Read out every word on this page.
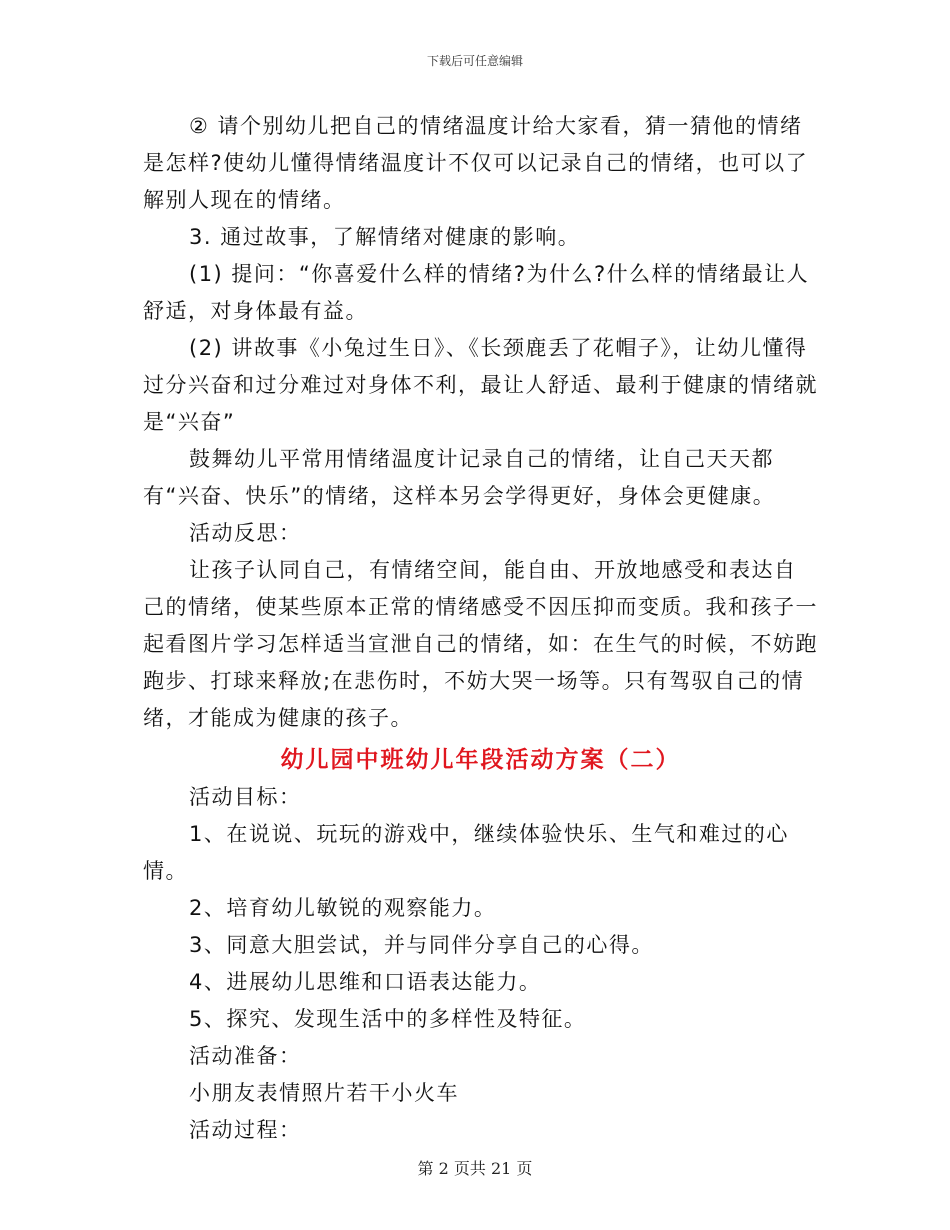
下载后可任意编辑

② 请个别幼儿把自己的情绪温度计给大家看，猜一猜他的情绪是怎样?使幼儿懂得情绪温度计不仅可以记录自己的情绪，也可以了解别人现在的情绪。

3. 通过故事，了解情绪对健康的影响。

(1) 提问：“你喜爱什么样的情绪?为什么?什么样的情绪最让人舒适，对身体最有益。

(2) 讲故事《小兔过生日》、《长颈鹿丢了花帽子》，让幼儿懂得过分兴奋和过分难过对身体不利，最让人舒适、最利于健康的情绪就是“兴奋”

鼓舞幼儿平常用情绪温度计记录自己的情绪，让自己天天都有“兴奋、快乐”的情绪，这样本另会学得更好，身体会更健康。

活动反思：

让孩子认同自己，有情绪空间，能自由、开放地感受和表达自己的情绪，使某些原本正常的情绪感受不因压抑而变质。我和孩子一起看图片学习怎样适当宣泄自己的情绪，如：在生气的时候，不妨跑跑步、打球来释放;在悲伤时，不妨大哭一场等。只有驾驭自己的情绪，才能成为健康的孩子。

幼儿园中班幼儿年段活动方案（二）

活动目标：

1、在说说、玩玩的游戏中，继续体验快乐、生气和难过的心情。

2、培育幼儿敏锐的观察能力。

3、同意大胆尝试，并与同伴分享自己的心得。

4、进展幼儿思维和口语表达能力。

5、探究、发现生活中的多样性及特征。

活动准备：

小朋友表情照片若干小火车

活动过程：

第 2 页共 21 页
